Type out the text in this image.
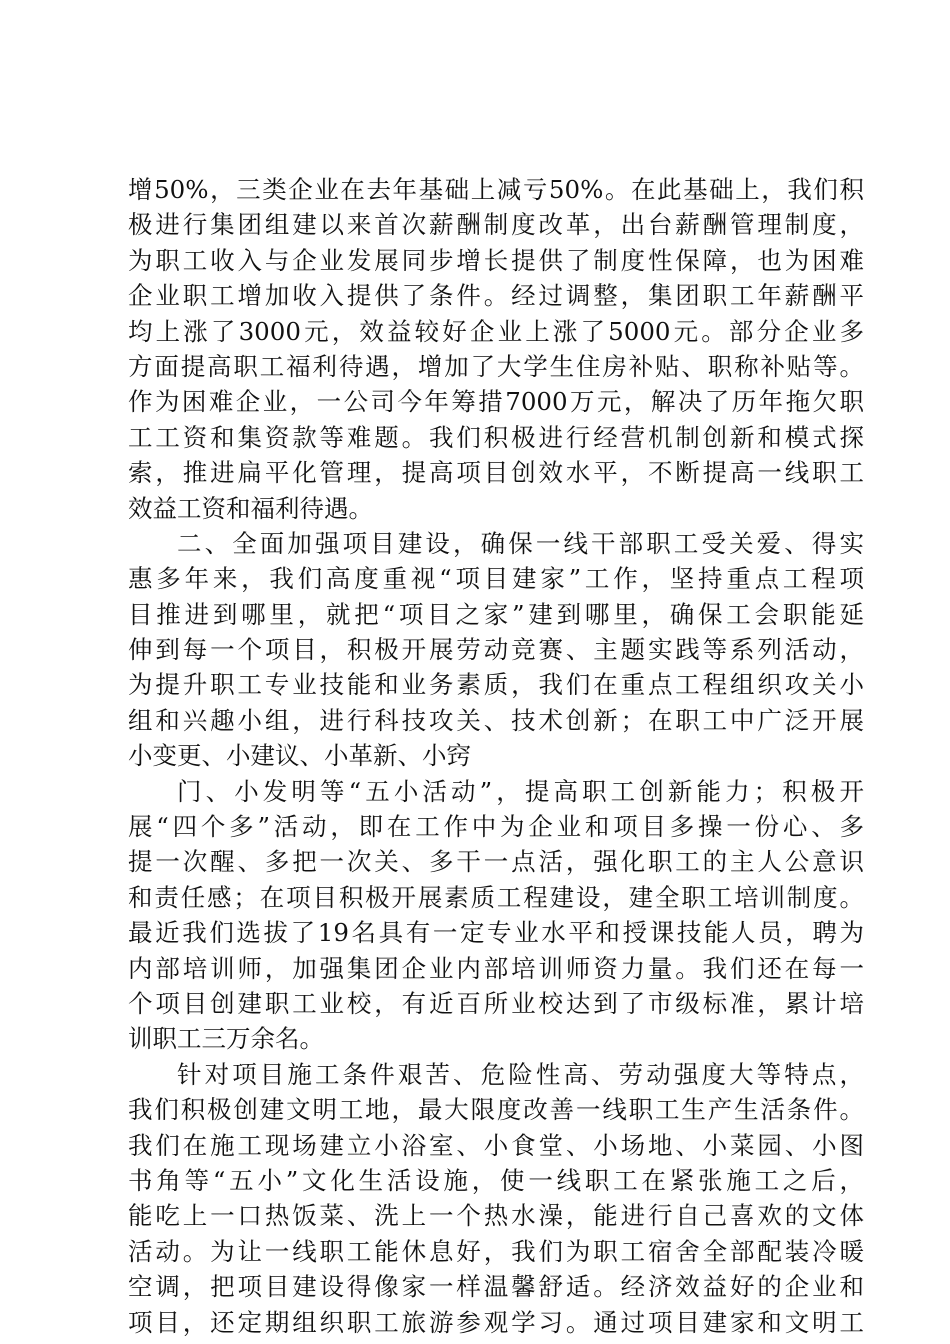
增50%，三类企业在去年基础上减亏50%。在此基础上，我们积
极进行集团组建以来首次薪酬制度改革，出台薪酬管理制度，
为职工收入与企业发展同步增长提供了制度性保障，也为困难
企业职工增加收入提供了条件。经过调整，集团职工年薪酬平
均上涨了3000元，效益较好企业上涨了5000元。部分企业多
方面提高职工福利待遇，增加了大学生住房补贴、职称补贴等。
作为困难企业，一公司今年筹措7000万元，解决了历年拖欠职
工工资和集资款等难题。我们积极进行经营机制创新和模式探
索，推进扁平化管理，提高项目创效水平，不断提高一线职工
效益工资和福利待遇。
二、全面加强项目建设，确保一线干部职工受关爱、得实
惠多年来，我们高度重视“项目建家”工作，坚持重点工程项
目推进到哪里，就把“项目之家”建到哪里，确保工会职能延
伸到每一个项目，积极开展劳动竞赛、主题实践等系列活动，
为提升职工专业技能和业务素质，我们在重点工程组织攻关小
组和兴趣小组，进行科技攻关、技术创新；在职工中广泛开展
小变更、小建议、小革新、小窍
门、小发明等“五小活动”，提高职工创新能力；积极开
展“四个多”活动，即在工作中为企业和项目多操一份心、多
提一次醒、多把一次关、多干一点活，强化职工的主人公意识
和责任感；在项目积极开展素质工程建设，建全职工培训制度。
最近我们选拔了19名具有一定专业水平和授课技能人员，聘为
内部培训师，加强集团企业内部培训师资力量。我们还在每一
个项目创建职工业校，有近百所业校达到了市级标准，累计培
训职工三万余名。
针对项目施工条件艰苦、危险性高、劳动强度大等特点，
我们积极创建文明工地，最大限度改善一线职工生产生活条件。
我们在施工现场建立小浴室、小食堂、小场地、小菜园、小图
书角等“五小”文化生活设施，使一线职工在紧张施工之后，
能吃上一口热饭菜、洗上一个热水澡，能进行自己喜欢的文体
活动。为让一线职工能休息好，我们为职工宿舍全部配装冷暖
空调，把项目建设得像家一样温馨舒适。经济效益好的企业和
项目，还定期组织职工旅游参观学习。通过项目建家和文明工
